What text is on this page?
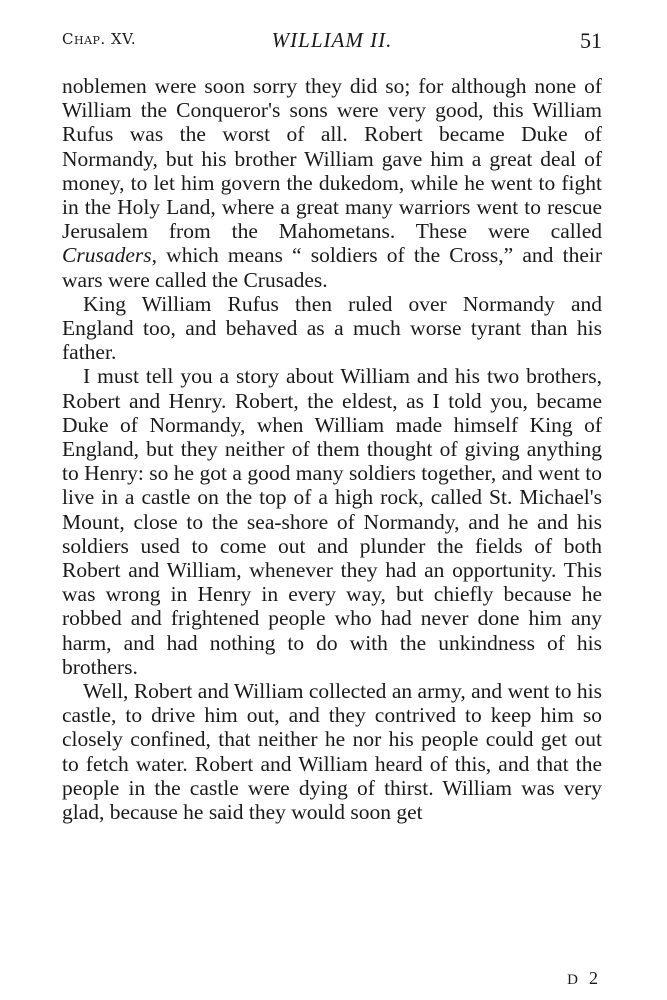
Chap. XV.	WILLIAM II.	51

noblemen were soon sorry they did so; for although none of William the Conqueror's sons were very good, this William Rufus was the worst of all. Robert became Duke of Normandy, but his brother William gave him a great deal of money, to let him govern the dukedom, while he went to fight in the Holy Land, where a great many warriors went to rescue Jerusalem from the Mahometans. These were called Crusaders, which means “ soldiers of the Cross,” and their wars were called the Crusades.

King William Rufus then ruled over Normandy and England too, and behaved as a much worse tyrant than his father.

I must tell you a story about William and his two brothers, Robert and Henry. Robert, the eldest, as I told you, became Duke of Normandy, when William made himself King of England, but they neither of them thought of giving anything to Henry: so he got a good many soldiers together, and went to live in a castle on the top of a high rock, called St. Michael's Mount, close to the sea-shore of Normandy, and he and his soldiers used to come out and plunder the fields of both Robert and William, whenever they had an opportunity. This was wrong in Henry in every way, but chiefly because he robbed and frightened people who had never done him any harm, and had nothing to do with the unkindness of his brothers.

Well, Robert and William collected an army, and went to his castle, to drive him out, and they contrived to keep him so closely confined, that neither he nor his people could get out to fetch water. Robert and William heard of this, and that the people in the castle were dying of thirst. William was very glad, because he said they would soon get

D 2
